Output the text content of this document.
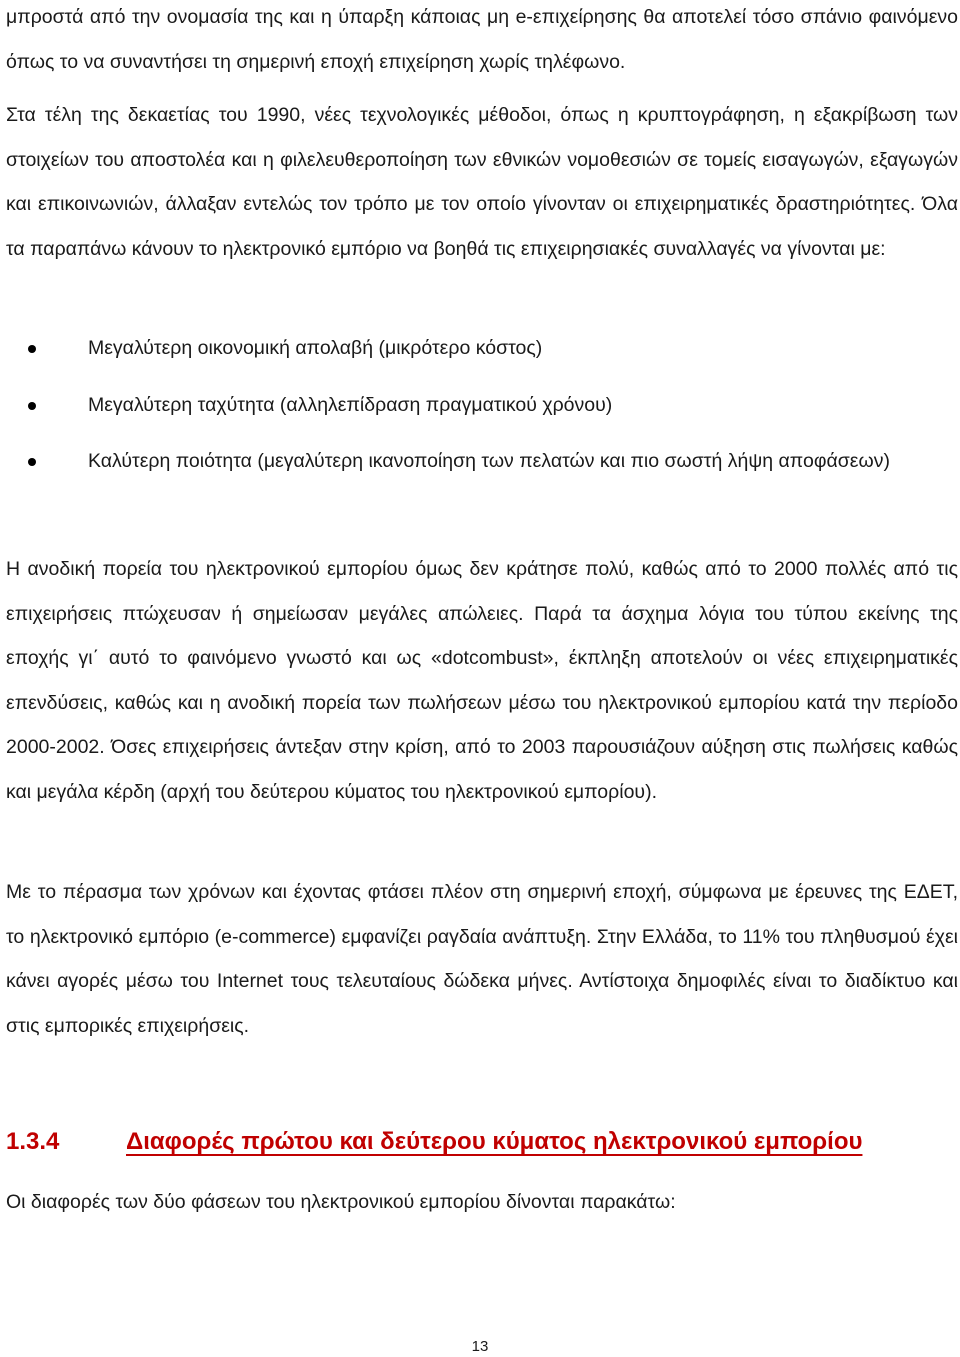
μπροστά από την ονομασία της και η ύπαρξη κάποιας μη e-επιχείρησης θα αποτελεί τόσο σπάνιο φαινόμενο όπως το να συναντήσει τη σημερινή εποχή επιχείρηση χωρίς τηλέφωνο.

Στα τέλη της δεκαετίας του 1990, νέες τεχνολογικές μέθοδοι, όπως η κρυπτογράφηση, η εξακρίβωση των στοιχείων του αποστολέα και η φιλελευθεροποίηση των εθνικών νομοθεσιών σε τομείς εισαγωγών, εξαγωγών και επικοινωνιών, άλλαξαν εντελώς τον τρόπο με τον οποίο γίνονταν οι επιχειρηματικές δραστηριότητες. Όλα τα παραπάνω κάνουν το ηλεκτρονικό εμπόριο να βοηθά τις επιχειρησιακές συναλλαγές να γίνονται με:

Μεγαλύτερη οικονομική απολαβή (μικρότερο κόστος)
Μεγαλύτερη ταχύτητα (αλληλεπίδραση πραγματικού χρόνου)
Καλύτερη ποιότητα (μεγαλύτερη ικανοποίηση των πελατών και πιο σωστή λήψη αποφάσεων)

Η ανοδική πορεία του ηλεκτρονικού εμπορίου όμως δεν κράτησε πολύ, καθώς από το 2000 πολλές από τις επιχειρήσεις πτώχευσαν ή σημείωσαν μεγάλες απώλειες. Παρά τα άσχημα λόγια του τύπου εκείνης της εποχής γι΄ αυτό το φαινόμενο γνωστό και ως «dotcombust», έκπληξη αποτελούν οι νέες επιχειρηματικές επενδύσεις, καθώς και η ανοδική πορεία των πωλήσεων μέσω του ηλεκτρονικού εμπορίου κατά την περίοδο 2000-2002. Όσες επιχειρήσεις άντεξαν στην κρίση, από το 2003 παρουσιάζουν αύξηση στις πωλήσεις καθώς και μεγάλα κέρδη (αρχή του δεύτερου κύματος του ηλεκτρονικού εμπορίου).

Με το πέρασμα των χρόνων και έχοντας φτάσει πλέον στη σημερινή εποχή, σύμφωνα με έρευνες της ΕΔΕΤ, το ηλεκτρονικό εμπόριο (e-commerce) εμφανίζει ραγδαία ανάπτυξη. Στην Ελλάδα, το 11% του πληθυσμού έχει κάνει αγορές μέσω του Internet τους τελευταίους δώδεκα μήνες. Αντίστοιχα δημοφιλές είναι το διαδίκτυο και στις εμπορικές επιχειρήσεις.

1.3.4	Διαφορές πρώτου και δεύτερου κύματος ηλεκτρονικού εμπορίου

Οι διαφορές των δύο φάσεων του ηλεκτρονικού εμπορίου δίνονται παρακάτω:

13
